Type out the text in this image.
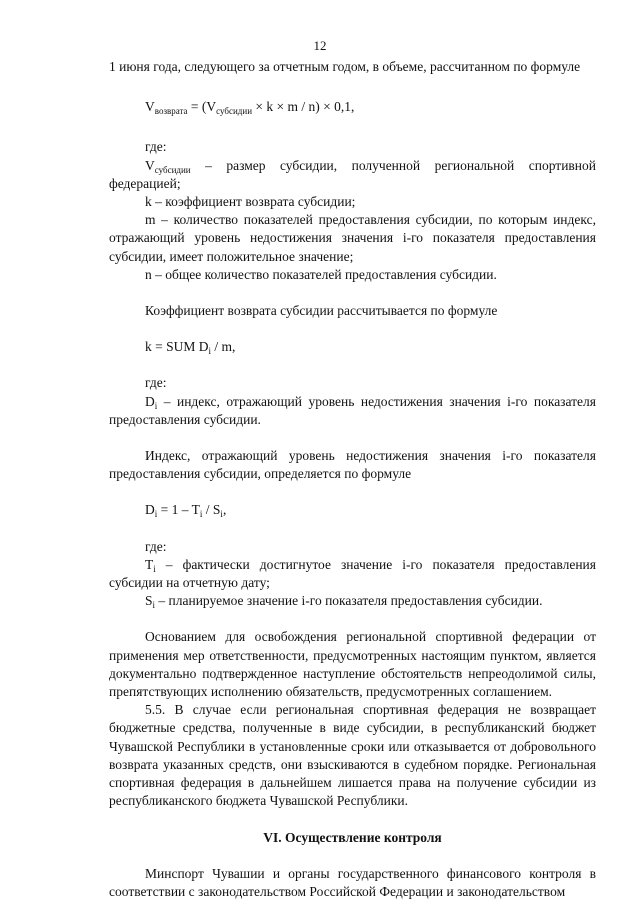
12

1 июня года, следующего за отчетным годом, в объеме, рассчитанном по формуле

$V_{возврата} = (V_{субсидии} \times k \times m / n) \times 0,1$,

где:

$V_{субсидии}$ – размер субсидии, полученной региональной спортивной федерацией;

k – коэффициент возврата субсидии;

m – количество показателей предоставления субсидии, по которым индекс, отражающий уровень недостижения значения i-го показателя предоставления субсидии, имеет положительное значение;

n – общее количество показателей предоставления субсидии.

Коэффициент возврата субсидии рассчитывается по формуле

k = SUM $D_i$ / m,

где:

$D_i$ – индекс, отражающий уровень недостижения значения i-го показателя предоставления субсидии.

Индекс, отражающий уровень недостижения значения i-го показателя предоставления субсидии, определяется по формуле

$D_i = 1 - T_i / S_i$,

где:

$T_i$ – фактически достигнутое значение i-го показателя предоставления субсидии на отчетную дату;

$S_i$ – планируемое значение i-го показателя предоставления субсидии.

Основанием для освобождения региональной спортивной федерации от применения мер ответственности, предусмотренных настоящим пунктом, является документально подтвержденное наступление обстоятельств непреодолимой силы, препятствующих исполнению обязательств, предусмотренных соглашением.

5.5. В случае если региональная спортивная федерация не возвращает бюджетные средства, полученные в виде субсидии, в республиканский бюджет Чувашской Республики в установленные сроки или отказывается от добровольного возврата указанных средств, они взыскиваются в судебном порядке. Региональная спортивная федерация в дальнейшем лишается права на получение субсидии из республиканского бюджета Чувашской Республики.

VI. Осуществление контроля

Минспорт Чувашии и органы государственного финансового контроля в соответствии с законодательством Российской Федерации и законодательством
